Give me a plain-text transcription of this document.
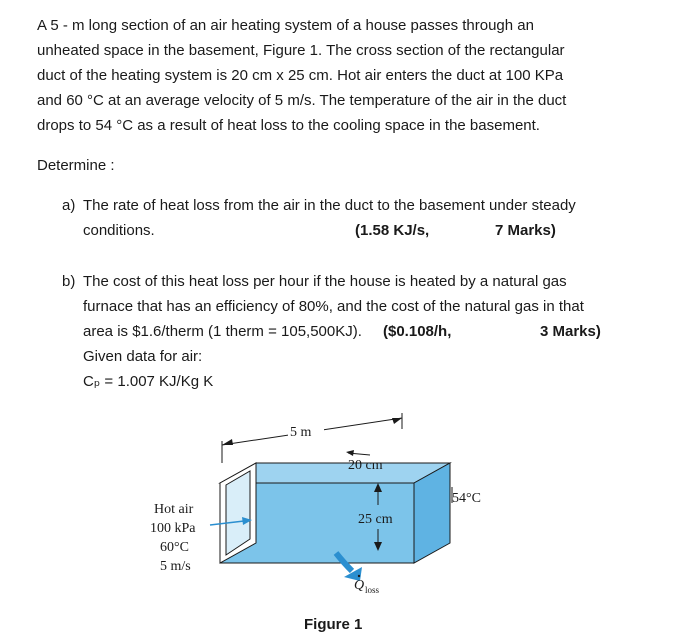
A 5 - m long section of an air heating system of a house passes through an
unheated space in the basement, Figure 1. The cross section of the rectangular
duct of the heating system is 20 cm x 25 cm. Hot air enters the duct at 100 KPa
and 60 °C at an average velocity of 5 m/s. The temperature of the air in the duct
drops to 54 °C as a result of heat loss to the cooling space in the basement.
Determine :
a) The rate of heat loss from the air in the duct to the basement under steady
conditions.	(1.58 KJ/s,	7 Marks)
b) The cost of this heat loss per hour if the house is heated by a natural gas
furnace that has an efficiency of 80%, and the cost of the natural gas in that
area is $1.6/therm (1 therm = 105,500KJ). ($0.108/h,	3 Marks)
Given data for air:
Cₚ = 1.007 KJ/Kg K
5 m
20 cm
25 cm
Hot air
100 kPa
60°C
5 m/s
54°C
Q loss
Figure 1
